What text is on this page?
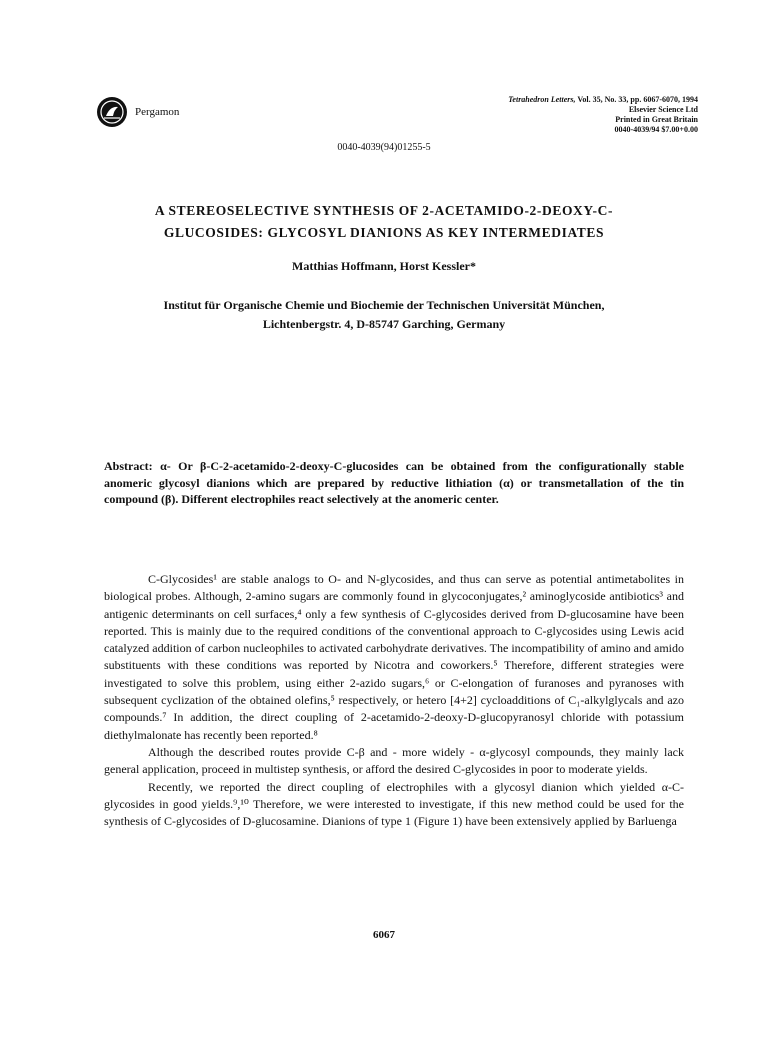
Pergamon
Tetrahedron Letters, Vol. 35, No. 33, pp. 6067-6070, 1994
Elsevier Science Ltd
Printed in Great Britain
0040-4039/94 $7.00+0.00
0040-4039(94)01255-5
A STEREOSELECTIVE SYNTHESIS OF 2-ACETAMIDO-2-DEOXY-C-
GLUCOSIDES: GLYCOSYL DIANIONS AS KEY INTERMEDIATES
Matthias Hoffmann, Horst Kessler*
Institut für Organische Chemie und Biochemie der Technischen Universität München,
Lichtenbergstr. 4, D-85747 Garching, Germany
Abstract: α- Or β-C-2-acetamido-2-deoxy-C-glucosides can be obtained from the configurationally stable anomeric glycosyl dianions which are prepared by reductive lithiation (α) or transmetallation of the tin compound (β). Different electrophiles react selectively at the anomeric center.

C-Glycosides¹ are stable analogs to O- and N-glycosides, and thus can serve as potential antimetabolites in biological probes. Although, 2-amino sugars are commonly found in glycoconjugates,² aminoglycoside antibiotics³ and antigenic determinants on cell surfaces,⁴ only a few synthesis of C-glycosides derived from D-glucosamine have been reported. This is mainly due to the required conditions of the conventional approach to C-glycosides using Lewis acid catalyzed addition of carbon nucleophiles to activated carbohydrate derivatives. The incompatibility of amino and amido substituents with these conditions was reported by Nicotra and coworkers.⁵ Therefore, different strategies were investigated to solve this problem, using either 2-azido sugars,⁶ or C-elongation of furanoses and pyranoses with subsequent cyclization of the obtained olefins,⁵ respectively, or hetero [4+2] cycloadditions of C₁-alkylglycals and azo compounds.⁷ In addition, the direct coupling of 2-acetamido-2-deoxy-D-glucopyranosyl chloride with potassium diethylmalonate has recently been reported.⁸

Although the described routes provide C-β and - more widely - α-glycosyl compounds, they mainly lack general application, proceed in multistep synthesis, or afford the desired C-glycosides in poor to moderate yields.

Recently, we reported the direct coupling of electrophiles with a glycosyl dianion which yielded α-C-glycosides in good yields.⁹,¹⁰ Therefore, we were interested to investigate, if this new method could be used for the synthesis of C-glycosides of D-glucosamine. Dianions of type 1 (Figure 1) have been extensively applied by Barluenga

6067
